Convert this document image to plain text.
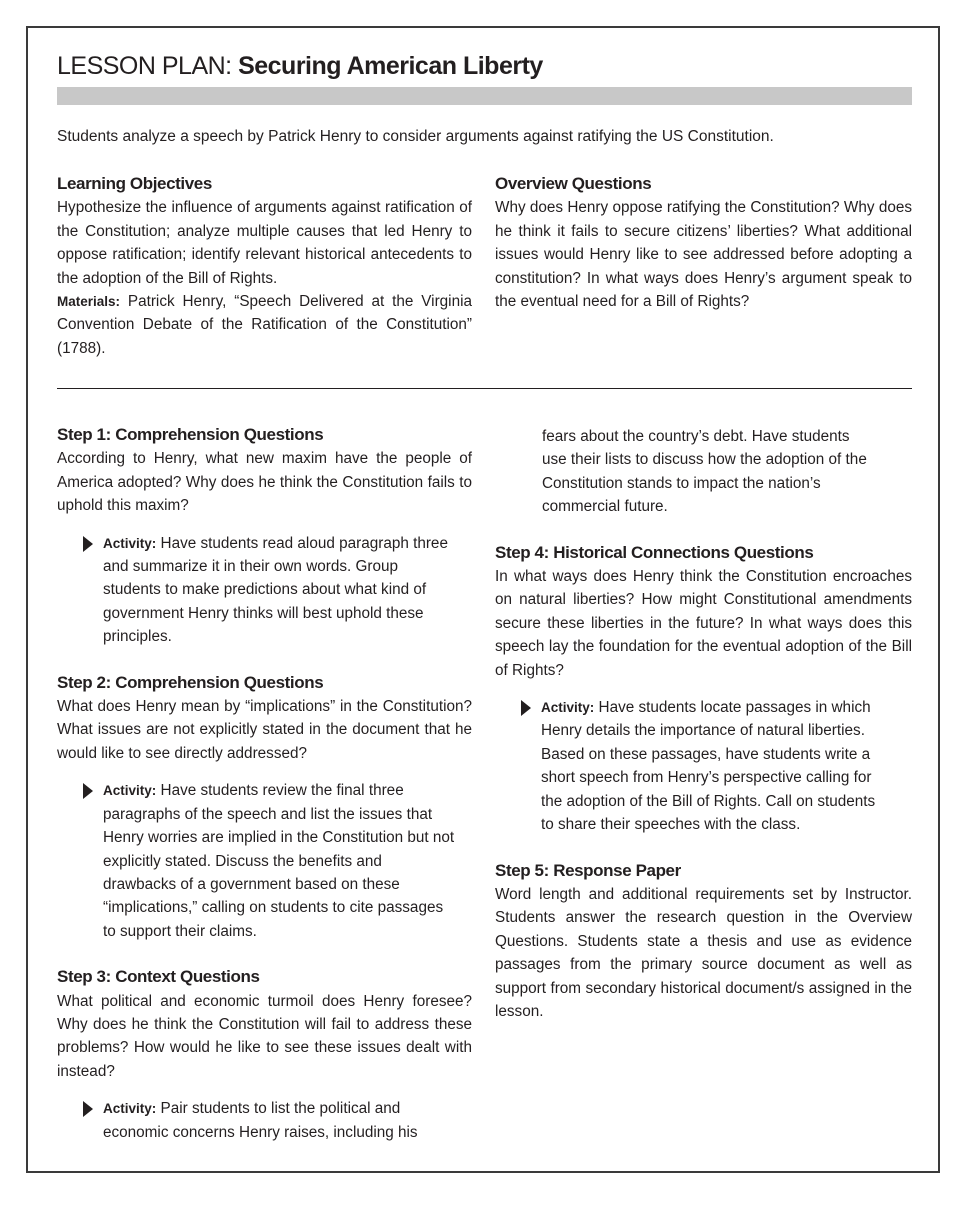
LESSON PLAN: Securing American Liberty
Students analyze a speech by Patrick Henry to consider arguments against ratifying the US Constitution.
Learning Objectives
Hypothesize the influence of arguments against ratification of the Constitution; analyze multiple causes that led Henry to oppose ratification; identify relevant historical antecedents to the adoption of the Bill of Rights.
Materials: Patrick Henry, “Speech Delivered at the Virginia Convention Debate of the Ratification of the Constitution” (1788).
Overview Questions
Why does Henry oppose ratifying the Constitution? Why does he think it fails to secure citizens’ liberties? What additional issues would Henry like to see addressed before adopting a constitution? In what ways does Henry’s argument speak to the eventual need for a Bill of Rights?
Step 1: Comprehension Questions
According to Henry, what new maxim have the people of America adopted? Why does he think the Constitution fails to uphold this maxim?
Activity: Have students read aloud paragraph three and summarize it in their own words. Group students to make predictions about what kind of government Henry thinks will best uphold these principles.
Step 2: Comprehension Questions
What does Henry mean by “implications” in the Constitution? What issues are not explicitly stated in the document that he would like to see directly addressed?
Activity: Have students review the final three paragraphs of the speech and list the issues that Henry worries are implied in the Constitution but not explicitly stated. Discuss the benefits and drawbacks of a government based on these “implications,” calling on students to cite passages to support their claims.
Step 3: Context Questions
What political and economic turmoil does Henry foresee? Why does he think the Constitution will fail to address these problems? How would he like to see these issues dealt with instead?
Activity: Pair students to list the political and economic concerns Henry raises, including his
fears about the country’s debt. Have students use their lists to discuss how the adoption of the Constitution stands to impact the nation’s commercial future.
Step 4: Historical Connections Questions
In what ways does Henry think the Constitution encroaches on natural liberties? How might Constitutional amendments secure these liberties in the future? In what ways does this speech lay the foundation for the eventual adoption of the Bill of Rights?
Activity: Have students locate passages in which Henry details the importance of natural liberties. Based on these passages, have students write a short speech from Henry’s perspective calling for the adoption of the Bill of Rights. Call on students to share their speeches with the class.
Step 5: Response Paper
Word length and additional requirements set by Instructor. Students answer the research question in the Overview Questions. Students state a thesis and use as evidence passages from the primary source document as well as support from secondary historical document/s assigned in the lesson.
